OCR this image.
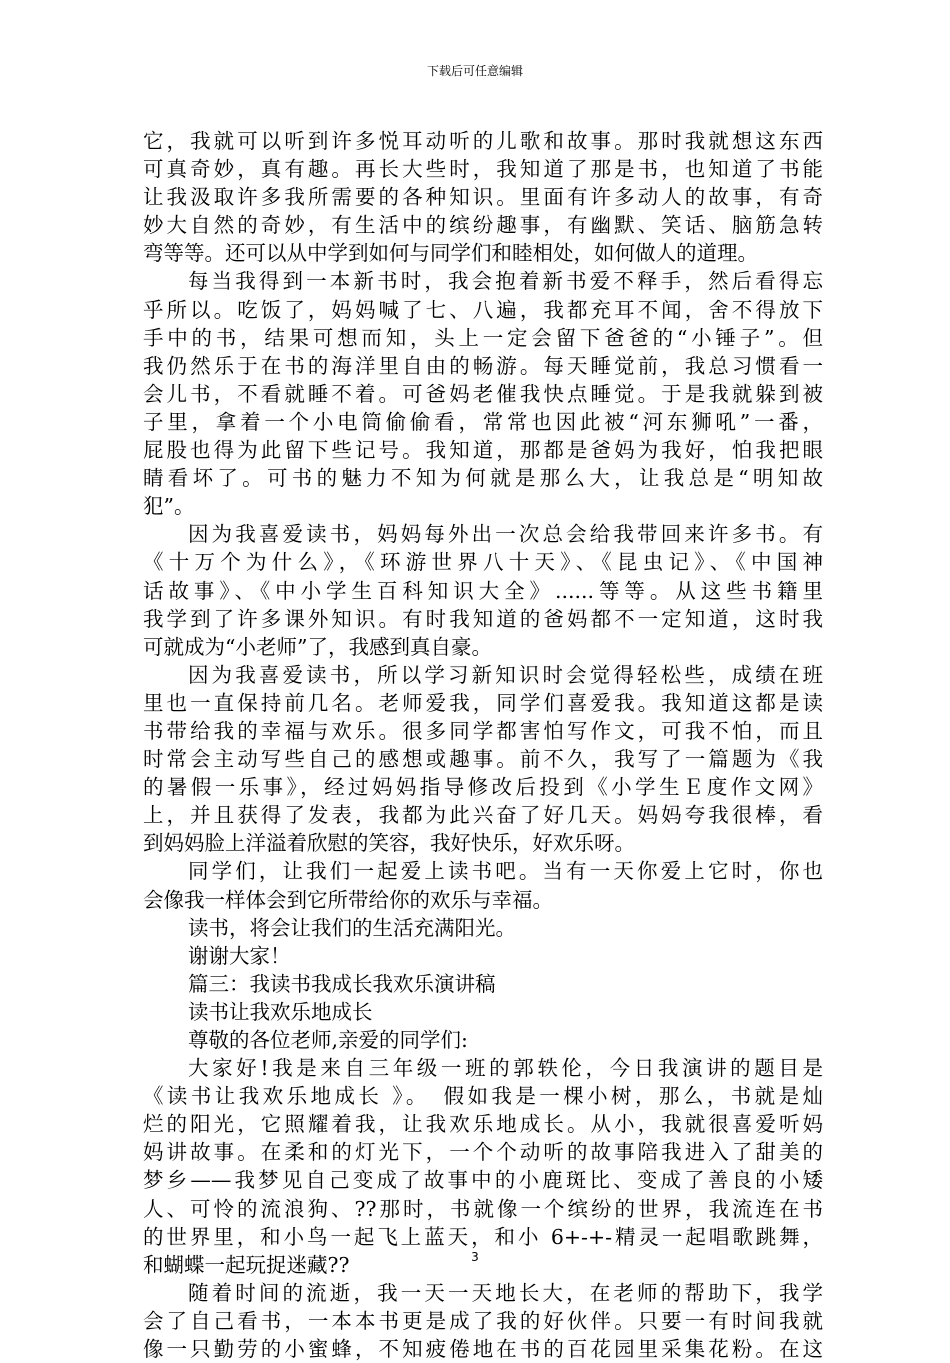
下载后可任意编辑
它，我就可以听到许多悦耳动听的儿歌和故事。那时我就想这东西
可真奇妙，真有趣。再长大些时，我知道了那是书，也知道了书能
让我汲取许多我所需要的各种知识。里面有许多动人的故事，有奇
妙大自然的奇妙，有生活中的缤纷趣事，有幽默、笑话、脑筋急转
弯等等。还可以从中学到如何与同学们和睦相处，如何做人的道理。
每当我得到一本新书时，我会抱着新书爱不释手，然后看得忘
乎所以。吃饭了，妈妈喊了七、八遍，我都充耳不闻，舍不得放下
手中的书，结果可想而知，头上一定会留下爸爸的“小锤子”。但
我仍然乐于在书的海洋里自由的畅游。每天睡觉前，我总习惯看一
会儿书，不看就睡不着。可爸妈老催我快点睡觉。于是我就躲到被
子里，拿着一个小电筒偷偷看，常常也因此被“河东狮吼”一番，
屁股也得为此留下些记号。我知道，那都是爸妈为我好，怕我把眼
睛看坏了。可书的魅力不知为何就是那么大，让我总是“明知故
犯”。
因为我喜爱读书，妈妈每外出一次总会给我带回来许多书。有
《十万个为什么》，《环游世界八十天》、《昆虫记》、《中国神
话故事》、《中小学生百科知识大全》......等等。从这些书籍里
我学到了许多课外知识。有时我知道的爸妈都不一定知道，这时我
可就成为“小老师”了，我感到真自豪。
因为我喜爱读书，所以学习新知识时会觉得轻松些，成绩在班
里也一直保持前几名。老师爱我，同学们喜爱我。我知道这都是读
书带给我的幸福与欢乐。很多同学都害怕写作文，可我不怕，而且
时常会主动写些自己的感想或趣事。前不久，我写了一篇题为《我
的暑假一乐事》，经过妈妈指导修改后投到《小学生Ｅ度作文网》
上，并且获得了发表，我都为此兴奋了好几天。妈妈夸我很棒，看
到妈妈脸上洋溢着欣慰的笑容，我好快乐，好欢乐呀。
同学们，让我们一起爱上读书吧。当有一天你爱上它时，你也
会像我一样体会到它所带给你的欢乐与幸福。
读书，将会让我们的生活充满阳光。
谢谢大家！
篇三：我读书我成长我欢乐演讲稿
读书让我欢乐地成长
尊敬的各位老师,亲爱的同学们:
大家好!我是来自三年级一班的郭轶伦，今日我演讲的题目是
《读书让我欢乐地成长 》。　假如我是一棵小树，那么，书就是灿
烂的阳光，它照耀着我，让我欢乐地成长。从小，我就很喜爱听妈
妈讲故事。在柔和的灯光下，一个个动听的故事陪我进入了甜美的
梦乡——我梦见自己变成了故事中的小鹿斑比、变成了善良的小矮
人、可怜的流浪狗、??那时，书就像一个缤纷的世界，我流连在书
的世界里，和小鸟一起飞上蓝天，和小 6+-+-精灵一起唱歌跳舞，
和蝴蝶一起玩捉迷藏??
随着时间的流逝，我一天一天地长大，在老师的帮助下，我学
会了自己看书，一本本书更是成了我的好伙伴。只要一有时间我就
像一只勤劳的小蜜蜂，不知疲倦地在书的百花园里采集花粉。在这
3
